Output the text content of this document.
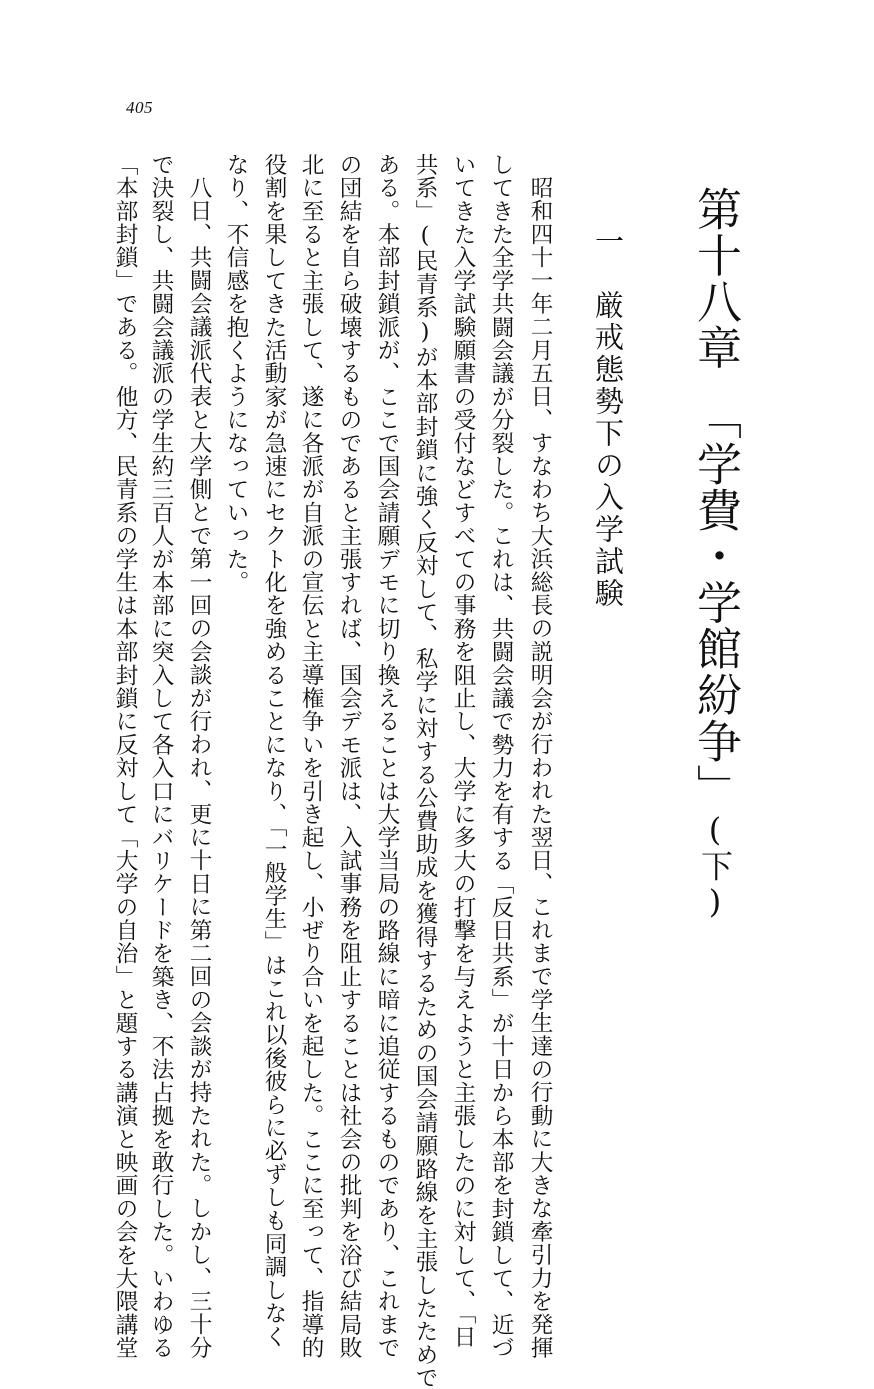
405
第十八章　「学費・学館紛争」(下)
一　厳戒態勢下の入学試験
昭和四十一年二月五日、すなわち大浜総長の説明会が行われた翌日、これまで学生達の行動に大きな牽引力を発揮
してきた全学共闘会議が分裂した。これは、共闘会議で勢力を有する「反日共系」が十日から本部を封鎖して、近づ
いてきた入学試験願書の受付などすべての事務を阻止し、大学に多大の打撃を与えようと主張したのに対して、「日
共系」(民青系)が本部封鎖に強く反対して、私学に対する公費助成を獲得するための国会請願路線を主張したためで
ある。本部封鎖派が、ここで国会請願デモに切り換えることは大学当局の路線に暗に追従するものであり、これまで
の団結を自ら破壊するものであると主張すれば、国会デモ派は、入試事務を阻止することは社会の批判を浴び結局敗
北に至ると主張して、遂に各派が自派の宣伝と主導権争いを引き起し、小ぜり合いを起した。ここに至って、指導的
役割を果してきた活動家が急速にセクト化を強めることになり、「一般学生」はこれ以後彼らに必ずしも同調しなく
なり、不信感を抱くようになっていった。
八日、共闘会議派代表と大学側とで第一回の会談が行われ、更に十日に第二回の会談が持たれた。しかし、三十分
で決裂し、共闘会議派の学生約三百人が本部に突入して各入口にバリケードを築き、不法占拠を敢行した。いわゆる
「本部封鎖」である。他方、民青系の学生は本部封鎖に反対して「大学の自治」と題する講演と映画の会を大隈講堂
